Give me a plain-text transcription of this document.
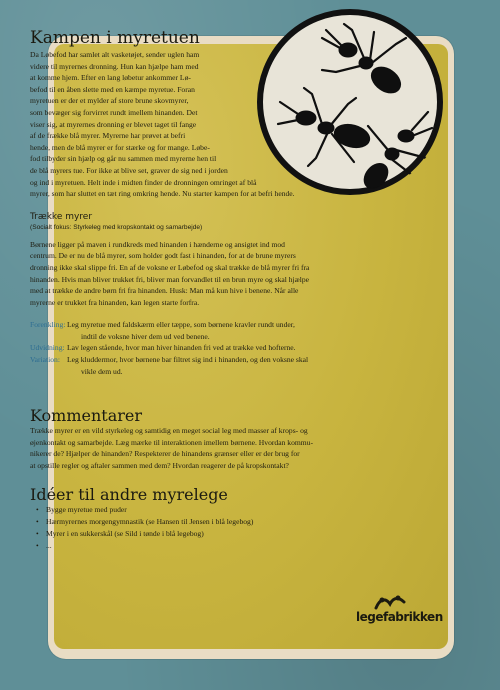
Kampen i myretuen

Da Løbefod har samlet alt vasketøjet, sender uglen ham

videre til myrernes dronning. Hun kan hjælpe ham med

at komme hjem. Efter en lang løbetur ankommer Lø-

befod til en åben slette med en kæmpe myretue. Foran

myretuen er der et mylder af store brune skovmyrer,

som bevæger sig forvirret rundt imellem hinanden. Det

viser sig, at myrernes dronning er blevet taget til fange

af de frække blå myrer. Myrerne har prøvet at befri

hende, men de blå myrer er for stærke og for mange. Løbe-

fod tilbyder sin hjælp og går nu sammen med myrerne hen til

de blå myrers tue. For ikke at blive set, graver de sig ned i jorden

og ind i myretuen. Helt inde i midten finder de dronningen omringet af blå

myrer, som har sluttet en tæt ring omkring hende. Nu starter kampen for at befri hende.

Trække myrer

(Socialt fokus: Styrkeleg med kropskontakt og samarbejde)

Børnene ligger på maven i rundkreds med hinanden i hænderne og ansigtet ind mod

centrum. De er nu de blå myrer, som holder godt fast i hinanden, for at de brune myrers

dronning ikke skal slippe fri. En af de voksne er Løbefod og skal trække de blå myrer fri fra

hinanden. Hvis man bliver trukket fri, bliver man forvandlet til en brun myre og skal hjælpe

med at trække de andre børn fri fra hinanden. Husk: Man må kun hive i benene. Når alle

myrerne er trukket fra hinanden, kan legen starte forfra.

Forenkling: Leg myretue med faldskærm eller tæppe, som børnene kravler rundt under,
indtil de voksne hiver dem ud ved benene.
Udvidning: Lav legen stående, hvor man hiver hinanden fri ved at trække ved hofterne.
Variation: Leg kluddermor, hvor børnene bar filtret sig ind i hinanden, og den voksne skal
vikle dem ud.
Kommentarer

Trække myrer er en vild styrkeleg og samtidig en meget social leg med masser af krops- og

øjenkontakt og samarbejde. Læg mærke til interaktionen imellem børnene. Hvordan kommu-

nikerer de? Hjælper de hinanden? Respekterer de hinandens grænser eller er der brug for

at opstille regler og aftaler sammen med dem? Hvordan reagerer de på kropskontakt?

Idéer til andre myrelege
• Bygge myretue med puder
• Hærmyrernes morgengymnastik (se Hansen til Jensen i blå legebog)
• Myrer i en sukkerskål (se Sild i tønde i blå legebog)
• ...
legefabrikken
